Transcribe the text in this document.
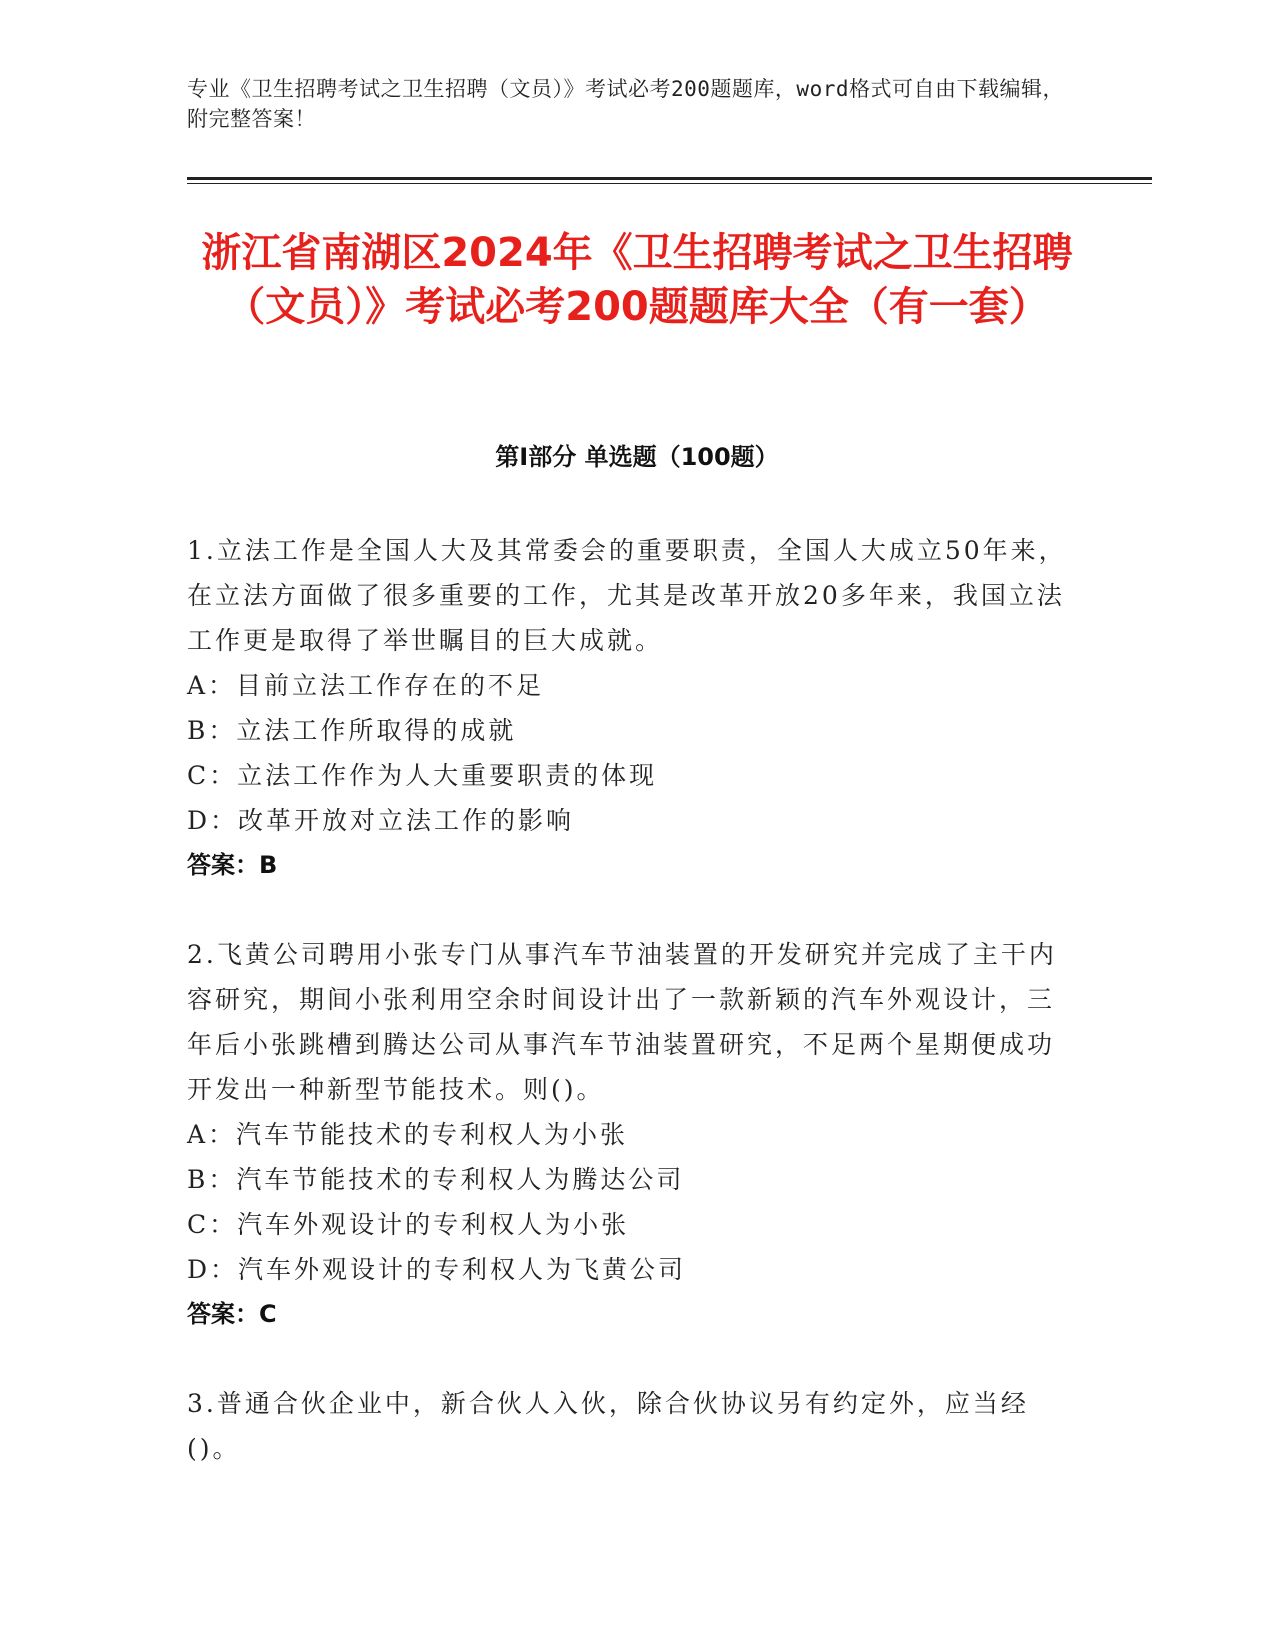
专业《卫生招聘考试之卫生招聘（文员）》考试必考200题题库，word格式可自由下载编辑，附完整答案！
浙江省南湖区2024年《卫生招聘考试之卫生招聘（文员）》考试必考200题题库大全（有一套）
第Ⅰ部分 单选题（100题）
1.立法工作是全国人大及其常委会的重要职责，全国人大成立50年来，在立法方面做了很多重要的工作，尤其是改革开放20多年来，我国立法工作更是取得了举世瞩目的巨大成就。
A：目前立法工作存在的不足
B：立法工作所取得的成就
C：立法工作作为人大重要职责的体现
D：改革开放对立法工作的影响
答案：B
2.飞黄公司聘用小张专门从事汽车节油装置的开发研究并完成了主干内容研究，期间小张利用空余时间设计出了一款新颖的汽车外观设计，三年后小张跳槽到腾达公司从事汽车节油装置研究，不足两个星期便成功开发出一种新型节能技术。则()。
A：汽车节能技术的专利权人为小张
B：汽车节能技术的专利权人为腾达公司
C：汽车外观设计的专利权人为小张
D：汽车外观设计的专利权人为飞黄公司
答案：C
3.普通合伙企业中，新合伙人入伙，除合伙协议另有约定外，应当经()。
